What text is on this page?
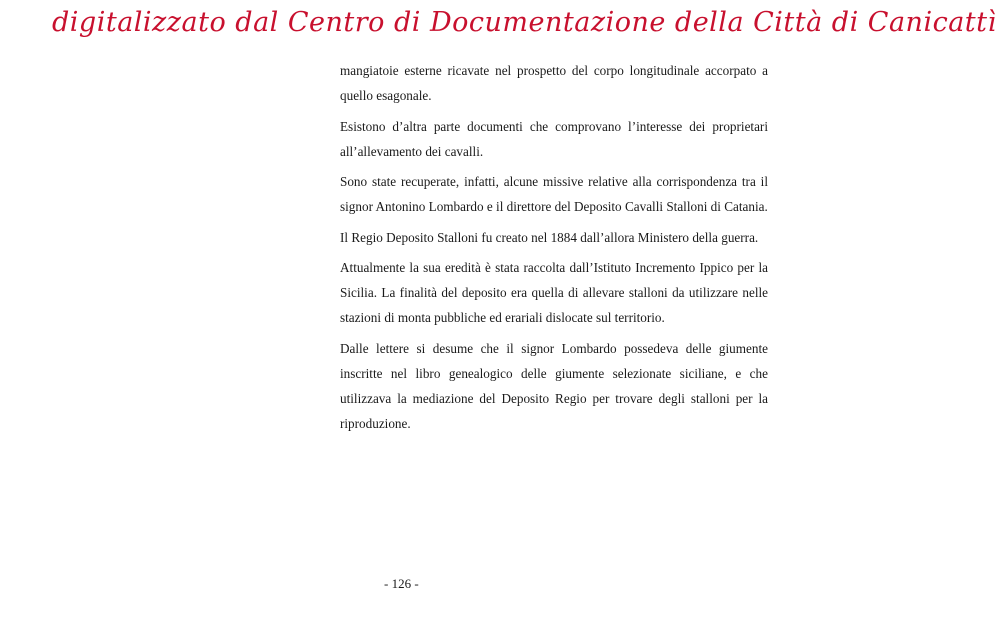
digitalizzato dal Centro di Documentazione della Città di Canicattì

mangiatoie esterne ricavate nel prospetto del corpo longitudinale accorpato a quello esagonale.

Esistono d’altra parte documenti che comprovano l’interesse dei proprietari all’allevamento dei cavalli.

Sono state recuperate, infatti, alcune missive relative alla corrispondenza tra il signor Antonino Lombardo e il direttore del Deposito Cavalli Stalloni di Catania.

Il Regio Deposito Stalloni fu creato nel 1884 dall’allora Ministero della guerra.

Attualmente la sua eredità è stata raccolta dall’Istituto Incremento Ippico per la Sicilia. La finalità del deposito era quella di allevare stalloni da utilizzare nelle stazioni di monta pubbliche ed erariali dislocate sul territorio.

Dalle lettere si desume che il signor Lombardo possedeva delle giumente inscritte nel libro genealogico delle giumente selezionate siciliane, e che utilizzava la mediazione del Deposito Regio per trovare degli stalloni per la riproduzione.

- 126 -
